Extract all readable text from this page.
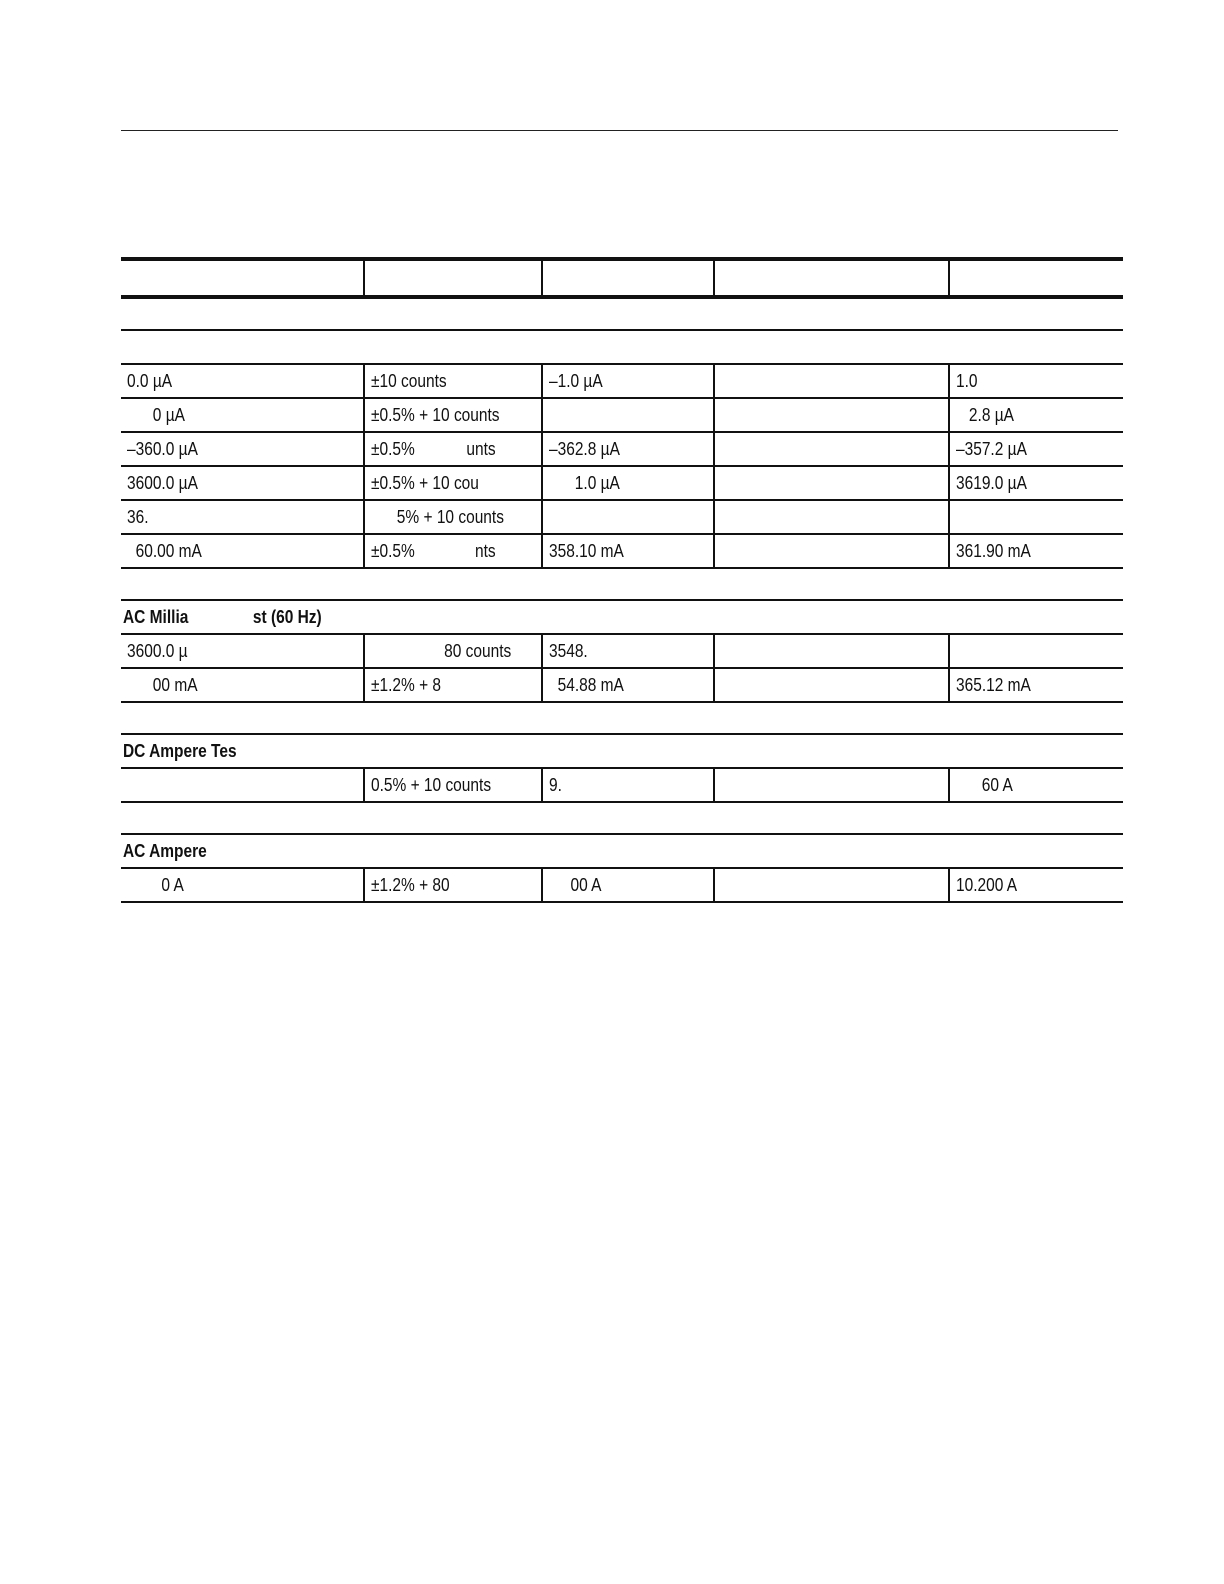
0.0 µA	±10 counts	–1.0 µA		1.0
0 µA	±0.5% + 10 counts			2.8 µA
–360.0 µA	±0.5%            unts	–362.8 µA		–357.2 µA
3600.0 µA	±0.5% + 10 cou	1.0 µA		3619.0 µA
36.	5% + 10 counts			
60.00 mA	±0.5%              nts	358.10 mA		361.90 mA

AC Millia               st (60 Hz)				
3600.0 µ	80 counts	3548.		
00 mA	±1.2% + 8	54.88 mA		365.12 mA

DC Ampere Tes				
	0.5% + 10 counts	9.		60 A

AC Ampere				
0 A	±1.2% + 80	00 A		10.200 A
